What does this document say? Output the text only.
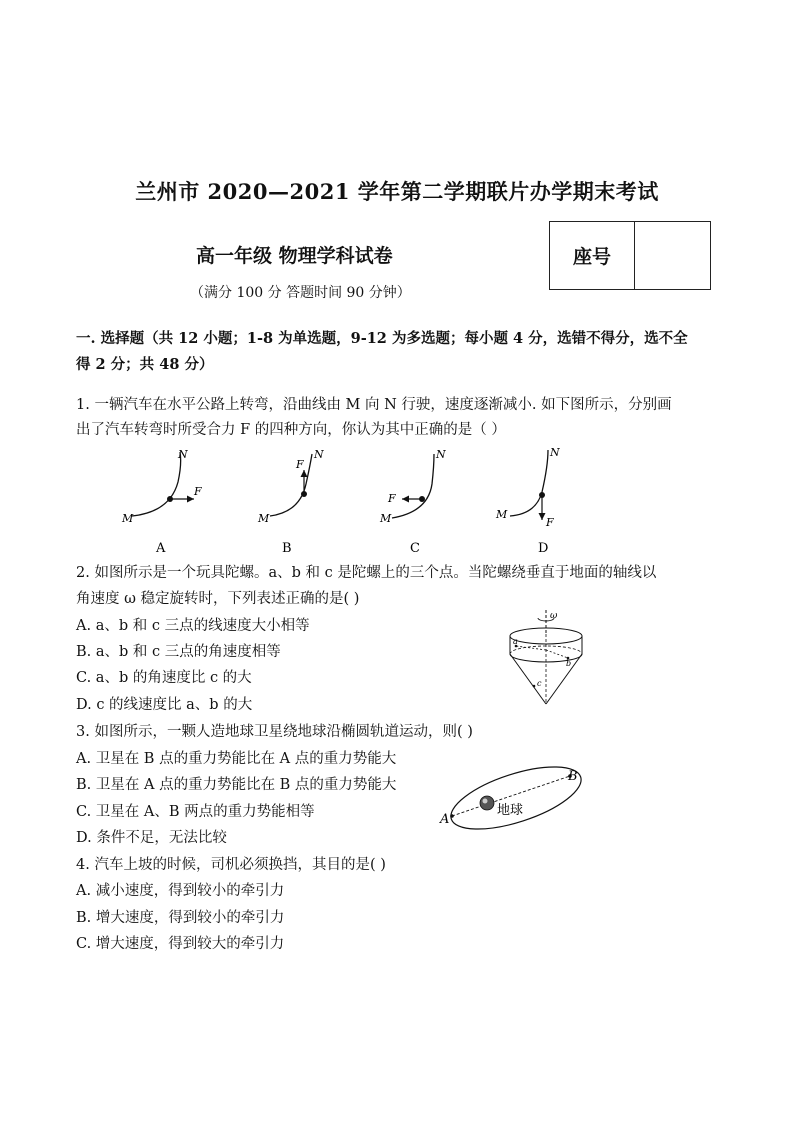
兰州市 2020—2021 学年第二学期联片办学期末考试
高一年级 物理学科试卷
（满分 100 分 答题时间 90 分钟）
座号
一. 选择题（共 12 小题；1-8 为单选题，9-12 为多选题；每小题 4 分，选错不得分，选不全
得 2 分；共 48 分）
1. 一辆汽车在水平公路上转弯，沿曲线由 M 向 N 行驶，速度逐渐减小. 如下图所示，分别画
出了汽车转弯时所受合力 F 的四种方向，你认为其中正确的是（ ）
M
N
F
A
M
N
F
B
M
N
F
C
M
N
F
D
2. 如图所示是一个玩具陀螺。a、b 和 c 是陀螺上的三个点。当陀螺绕垂直于地面的轴线以
角速度 ω 稳定旋转时，下列表述正确的是( )
A. a、b 和 c 三点的线速度大小相等
B. a、b 和 c 三点的角速度相等
C. a、b 的角速度比 c 的大
D. c 的线速度比 a、b 的大
ω
a
b
c
3. 如图所示，一颗人造地球卫星绕地球沿椭圆轨道运动，则( )
A. 卫星在 B 点的重力势能比在 A 点的重力势能大
B. 卫星在 A 点的重力势能比在 B 点的重力势能大
C. 卫星在 A、B 两点的重力势能相等
D. 条件不足，无法比较
A
B
地球
4. 汽车上坡的时候，司机必须换挡，其目的是( )
A. 减小速度，得到较小的牵引力
B. 增大速度，得到较小的牵引力
C. 增大速度，得到较大的牵引力
